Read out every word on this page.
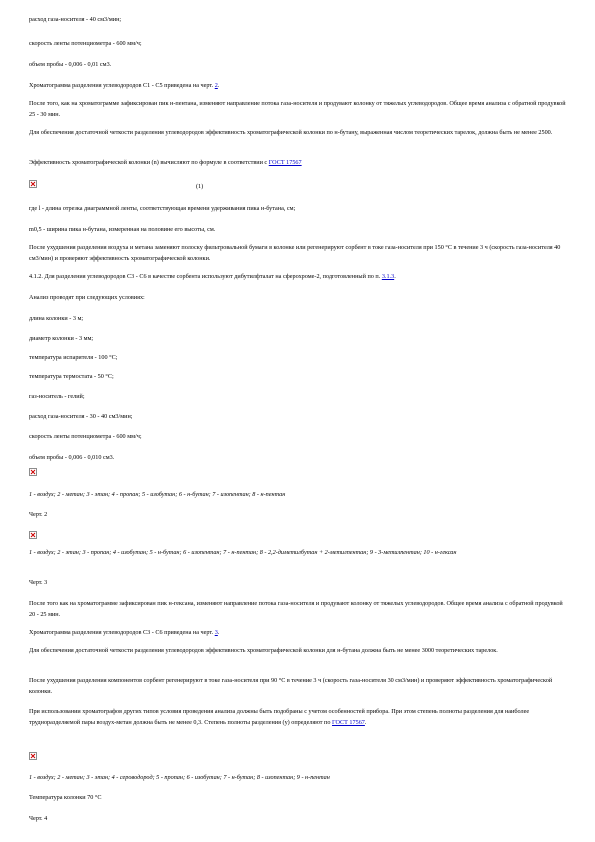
расход газа-носителя - 40 см3/мин;
скорость ленты потенциометра - 600 мм/ч;
объем пробы - 0,006 - 0,01 см3.
Хроматограмма разделения углеводородов С1 - С5 приведена на черт. 2.
После того, как на хроматограмме зафиксирован пик н-пентана, изменяют направление потока газа-носителя и продувают колонку от тяжелых углеводородов. Общее время анализа с обратной продувкой 25 - 30 мин.
Для обеспечения достаточной четкости разделения углеводородов эффективность хроматографической колонки по н-бутану, выраженная числом теоретических тарелок, должна быть не менее 2500.
Эффективность хроматографической колонки (n) вычисляют по формуле в соответствии с ГОСТ 17567
(1)
где l - длина отрезка диаграммной ленты, соответствующая времени удерживания пика н-бутана, см;
m0,5 - ширина пика н-бутана, измеренная на половине его высоты, см.
После ухудшения разделения воздуха и метана заменяют полоску фильтровальной бумаги в колонке или регенерируют сорбент в токе газа-носителя при 150 °С в течение 3 ч (скорость газа-носителя 40 см3/мин) и проверяют эффективность хроматографической колонки.
4.1.2. Для разделения углеводородов С3 - С6 в качестве сорбента используют дибутилфталат на сферохроме-2, подготовленный по п. 3.1.3.
Анализ проводят при следующих условиях:
длина колонки - 3 м;
диаметр колонки - 3 мм;
температура испарителя - 100 °С;
температура термостата - 50 °С;
газ-носитель - гелий;
расход газа-носителя - 30 - 40 см3/мин;
скорость ленты потенциометра - 600 мм/ч;
объем пробы - 0,006 - 0,010 см3.
1 - воздух; 2 - метан; 3 - этан; 4 - пропан; 5 - изобутан; 6 - н-бутан; 7 - изопентан; 8 - н-пентан
Черт. 2
1 - воздух; 2 - этан; 3 - пропан; 4 - изобутан; 5 - н-бутан; 6 - изопентан; 7 - н-пентан; 8 - 2,2-диметилбутан + 2-метилпентан; 9 - 3-метилпентан; 10 - н-гексан
Черт. 3
После того как на хроматограмме зафиксирован пик н-гексана, изменяют направление потока газа-носителя и продувают колонку от тяжелых углеводородов. Общее время анализа с обратной продувкой 20 - 25 мин.
Хроматограмма разделения углеводородов С3 - С6 приведена на черт. 3.
Для обеспечения достаточной четкости разделения углеводородов эффективность хроматографической колонки для н-бутана должна быть не менее 3000 теоретических тарелок.
После ухудшения разделения компонентов сорбент регенерируют в токе газа-носителя при 90 °С в течение 3 ч (скорость газа-носителя 30 см3/мин) и проверяют эффективность хроматографической колонки.
При использовании хроматографов других типов условия проведения анализа должны быть подобраны с учетом особенностей прибора. При этом степень полноты разделения для наиболее трудноразделяемой пары воздух-метан должна быть не менее 0,3. Степень полноты разделения (у) определяют по ГОСТ 17567.
1 - воздух; 2 - метан; 3 - этан; 4 - сероводород; 5 - пропан; 6 - изобутан; 7 - н-бутан; 8 - изопентан; 9 - н-пентан
Температура колонки 70 °С
Черт. 4
